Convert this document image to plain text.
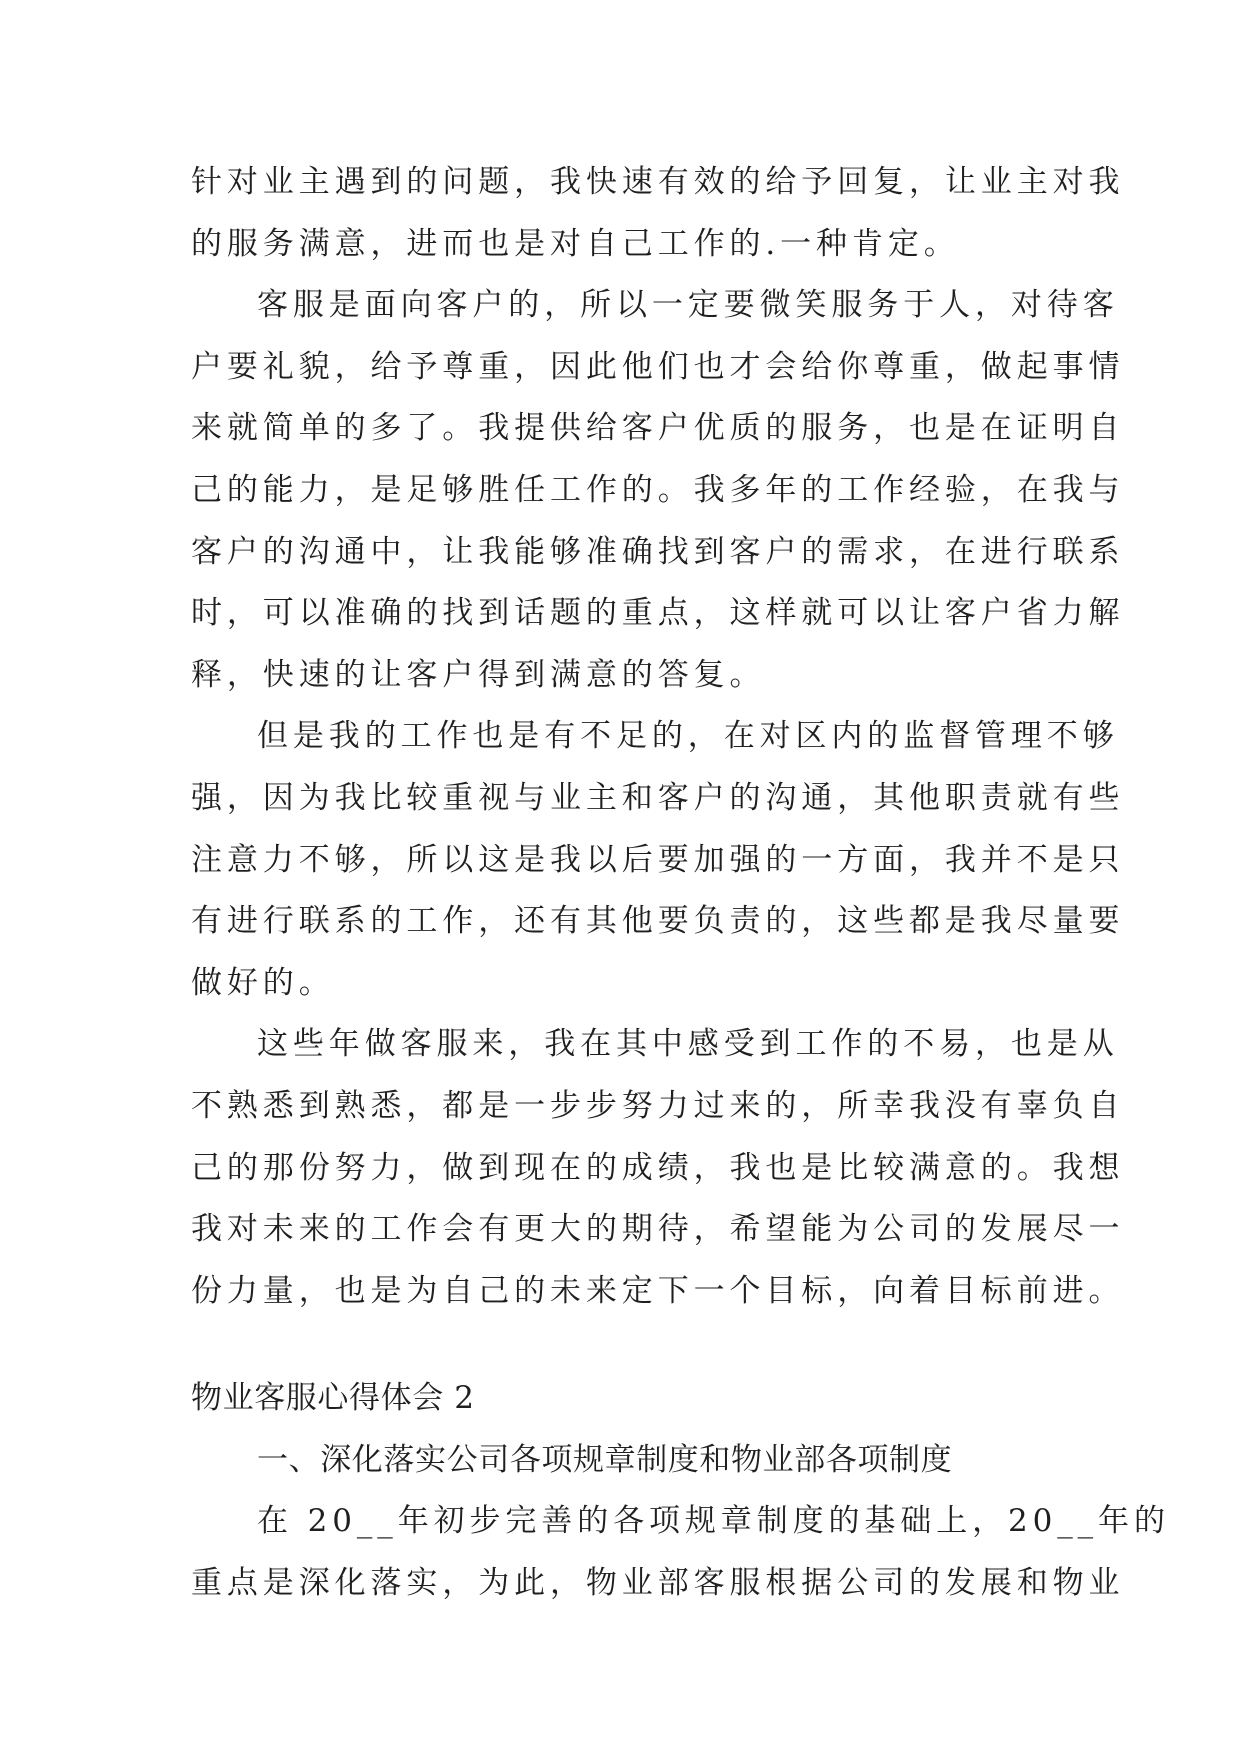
针对业主遇到的问题，我快速有效的给予回复，让业主对我

的服务满意，进而也是对自己工作的.一种肯定。

客服是面向客户的，所以一定要微笑服务于人，对待客

户要礼貌，给予尊重，因此他们也才会给你尊重，做起事情

来就简单的多了。我提供给客户优质的服务，也是在证明自

己的能力，是足够胜任工作的。我多年的工作经验，在我与

客户的沟通中，让我能够准确找到客户的需求，在进行联系

时，可以准确的找到话题的重点，这样就可以让客户省力解

释，快速的让客户得到满意的答复。

但是我的工作也是有不足的，在对区内的监督管理不够

强，因为我比较重视与业主和客户的沟通，其他职责就有些

注意力不够，所以这是我以后要加强的一方面，我并不是只

有进行联系的工作，还有其他要负责的，这些都是我尽量要

做好的。

这些年做客服来，我在其中感受到工作的不易，也是从

不熟悉到熟悉，都是一步步努力过来的，所幸我没有辜负自

己的那份努力，做到现在的成绩，我也是比较满意的。我想

我对未来的工作会有更大的期待，希望能为公司的发展尽一

份力量，也是为自己的未来定下一个目标，向着目标前进。

物业客服心得体会 2

一、深化落实公司各项规章制度和物业部各项制度

在 20__年初步完善的各项规章制度的基础上，20__年的

重点是深化落实，为此，物业部客服根据公司的发展和物业
